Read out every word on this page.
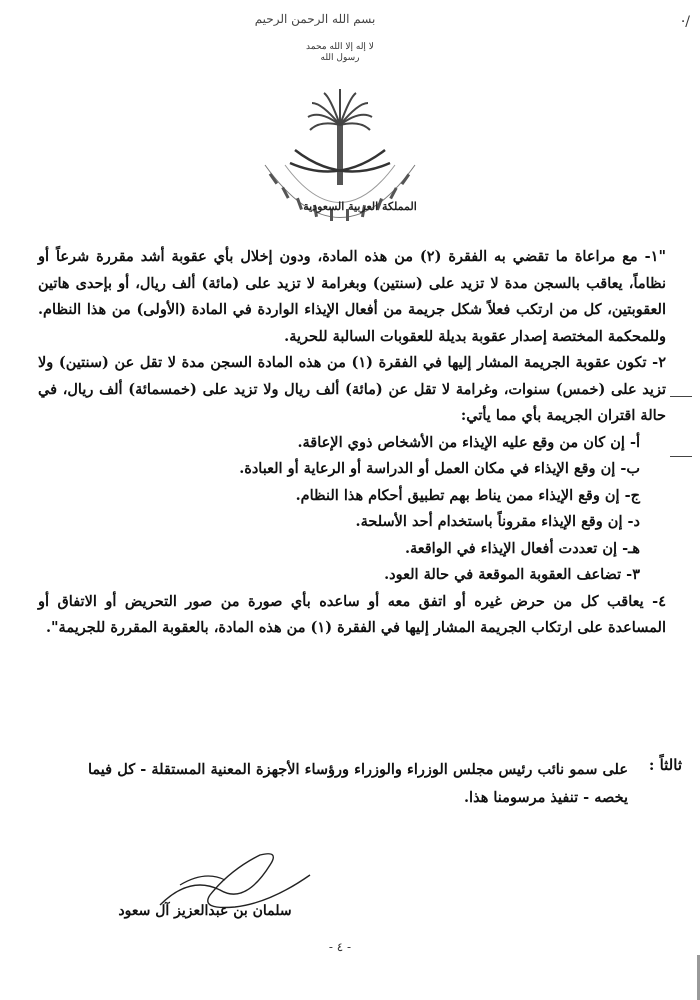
·/
بسم الله الرحمن الرحيم
لا إله إلا الله محمد رسول الله
المملكة العربية السعودية

"١- مع مراعاة ما تقضي به الفقرة (٢) من هذه المادة، ودون إخلال بأي عقوبة أشد مقررة شرعاً أو نظاماً، يعاقب بالسجن مدة لا تزيد على (سنتين) وبغرامة لا تزيد على (مائة) ألف ريال، أو بإحدى هاتين العقوبتين، كل من ارتكب فعلاً شكل جريمة من أفعال الإيذاء الواردة في المادة (الأولى) من هذا النظام. وللمحكمة المختصة إصدار عقوبة بديلة للعقوبات السالبة للحرية.

٢- تكون عقوبة الجريمة المشار إليها في الفقرة (١) من هذه المادة السجن مدة لا تقل عن (سنتين) ولا تزيد على (خمس) سنوات، وغرامة لا تقل عن (مائة) ألف ريال ولا تزيد على (خمسمائة) ألف ريال، في حالة اقتران الجريمة بأي مما يأتي:

أ- إن كان من وقع عليه الإيذاء من الأشخاص ذوي الإعاقة.

ب- إن وقع الإيذاء في مكان العمل أو الدراسة أو الرعاية أو العبادة.

ج- إن وقع الإيذاء ممن يناط بهم تطبيق أحكام هذا النظام.

د- إن وقع الإيذاء مقروناً باستخدام أحد الأسلحة.

هـ- إن تعددت أفعال الإيذاء في الواقعة.

٣- تضاعف العقوبة الموقعة في حالة العود.

٤- يعاقب كل من حرض غيره أو اتفق معه أو ساعده بأي صورة من صور التحريض أو الاتفاق أو المساعدة على ارتكاب الجريمة المشار إليها في الفقرة (١) من هذه المادة، بالعقوبة المقررة للجريمة".

ثالثاً :
على سمو نائب رئيس مجلس الوزراء والوزراء ورؤساء الأجهزة المعنية المستقلة - كل فيما يخصه - تنفيذ مرسومنا هذا.
سلمان بن عبدالعزيز آل سعود
- ٤ -
